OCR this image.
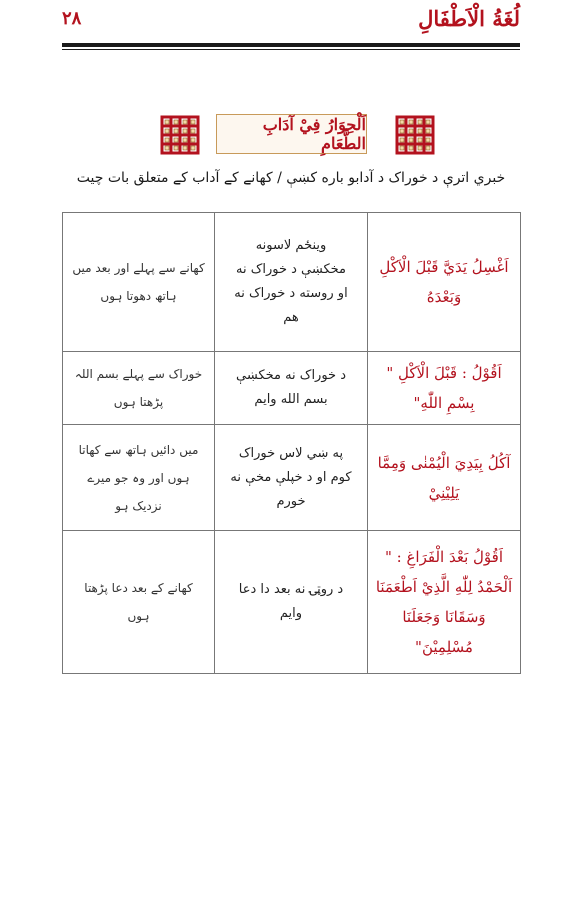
لُغَةُ الْاَطْفَالِ
٢٨
اَلْحِوَارُ فِيْ آدَابِ الطَّعَامِ
خبري اترې د خوراک د آدابو باره کښې / کھانے کے آداب کے متعلق بات چیت
اَغْسِلُ يَدَيَّ قَبْلَ الْاَكْلِ
وَبَعْدَهُ	وينځم لاسونه
مخکښې د خوراک نه
او روسته د خوراک نه
هم	کھانے سے پہلے اور بعد میں
ہاتھ دھوتا ہوں

اَقُوْلُ : قَبْلَ الْاَكْلِ "
بِسْمِ اللّٰهِ"	د خوراک نه مخکښې
بسم الله وايم	خوراک سے پہلے بسم اللہ
پڑھتا ہوں

آكُلُ بِيَدِيَ الْيُمْنٰى وَمِمَّا
يَلِيْنِيْ	په ښي لاس خوراک
کوم او د خپلې مخې نه
خورم	میں دائیں ہاتھ سے کھاتا
ہوں اور وہ جو میرے
نزدیک ہو

اَقُوْلُ بَعْدَ الْفَرَاغِ : "
اَلْحَمْدُ لِلّٰهِ الَّذِيْ اَطْعَمَنَا
وَسَقَانَا وَجَعَلَنَا
مُسْلِمِيْنَ"	د روټۍ نه بعد دا دعا
وايم	کھانے کے بعد دعا پڑھتا
ہوں
